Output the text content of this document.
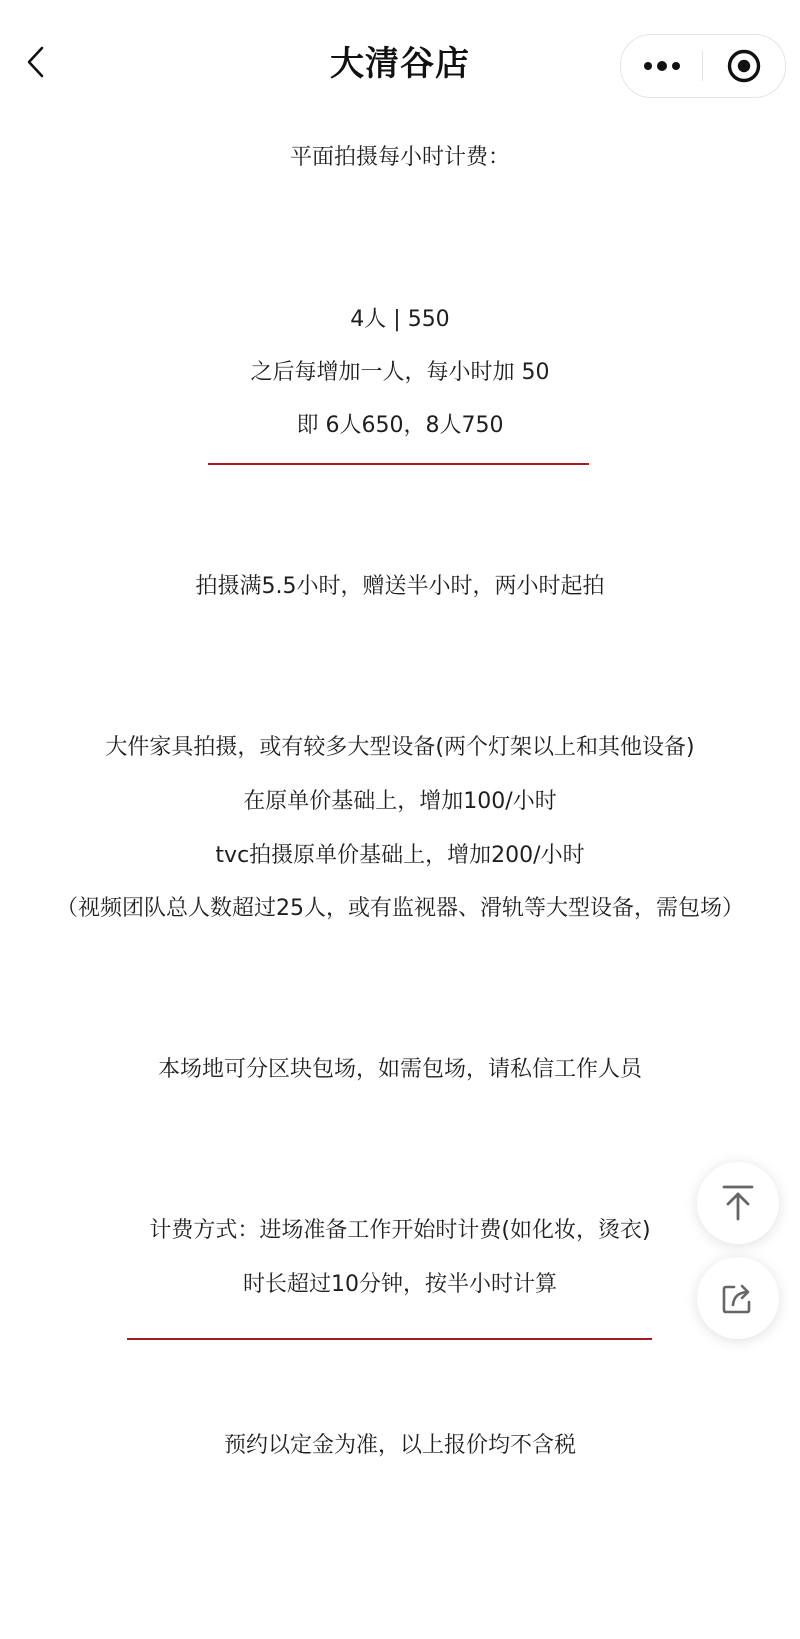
大清谷店
平面拍摄每小时计费：
4人 | 550
之后每增加一人，每小时加 50
即 6人650，8人750
拍摄满5.5小时，赠送半小时，两小时起拍
大件家具拍摄，或有较多大型设备(两个灯架以上和其他设备)
在原单价基础上，增加100/小时
tvc拍摄原单价基础上，增加200/小时
（视频团队总人数超过25人，或有监视器、滑轨等大型设备，需包场）
本场地可分区块包场，如需包场，请私信工作人员
计费方式：进场准备工作开始时计费(如化妆，烫衣)
时长超过10分钟，按半小时计算
预约以定金为准，以上报价均不含税
